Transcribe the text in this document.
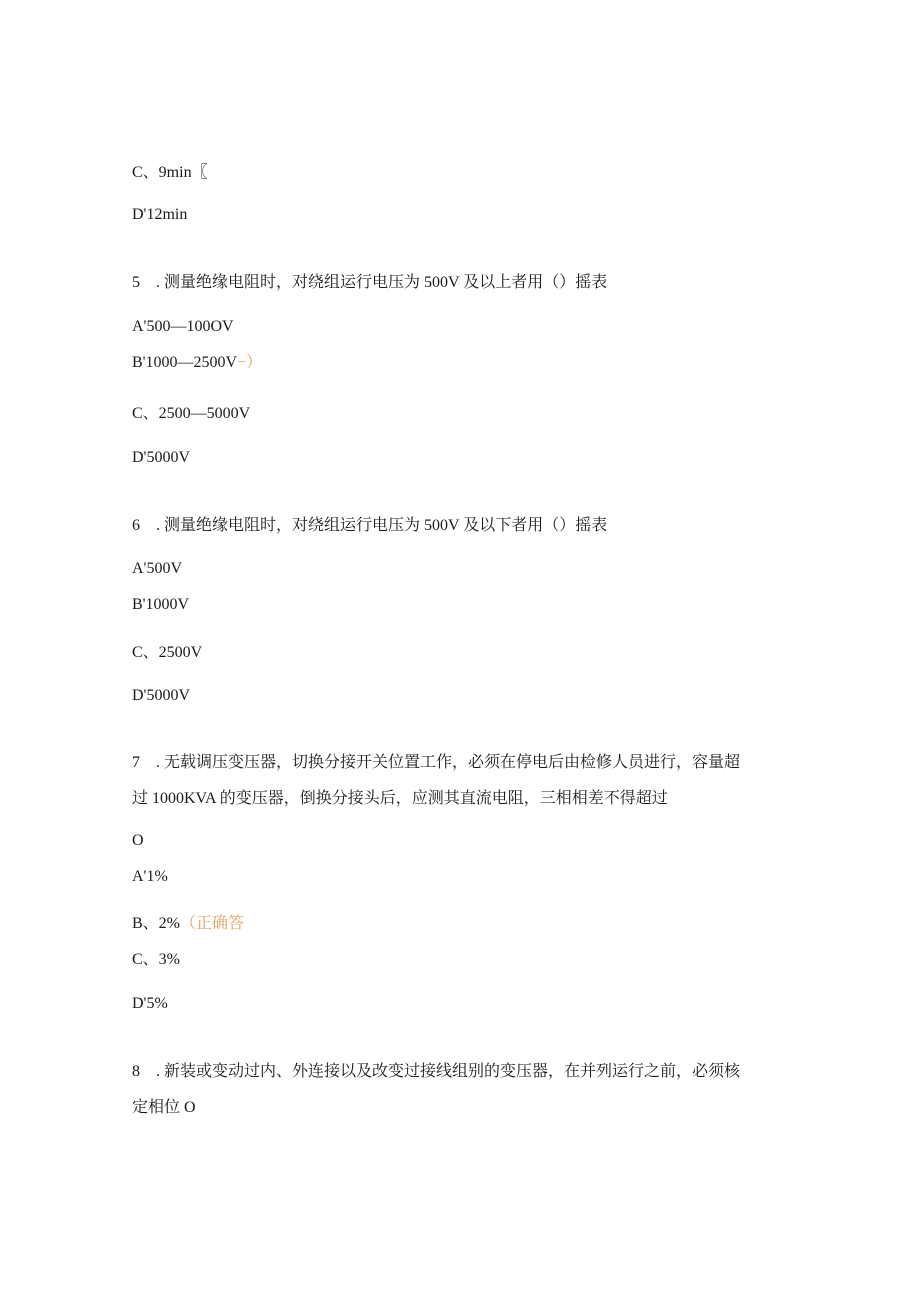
C、9min〖
D'12min
5 . 测量绝缘电阻时，对绕组运行电压为 500V 及以上者用（）摇表
A'500—100OV
B'1000—2500V−）
C、2500—5000V
D'5000V
6 . 测量绝缘电阻时，对绕组运行电压为 500V 及以下者用（）摇表
A'500V
B'1000V
C、2500V
D'5000V
7 . 无载调压变压器，切换分接开关位置工作，必须在停电后由检修人员进行，容量超
过 1000KVA 的变压器，倒换分接头后，应测其直流电阻，三相相差不得超过
O
A'1%
B、2%（正确答
C、3%
D'5%
8 . 新装或变动过内、外连接以及改变过接线组别的变压器，在并列运行之前，必须核
定相位 O
